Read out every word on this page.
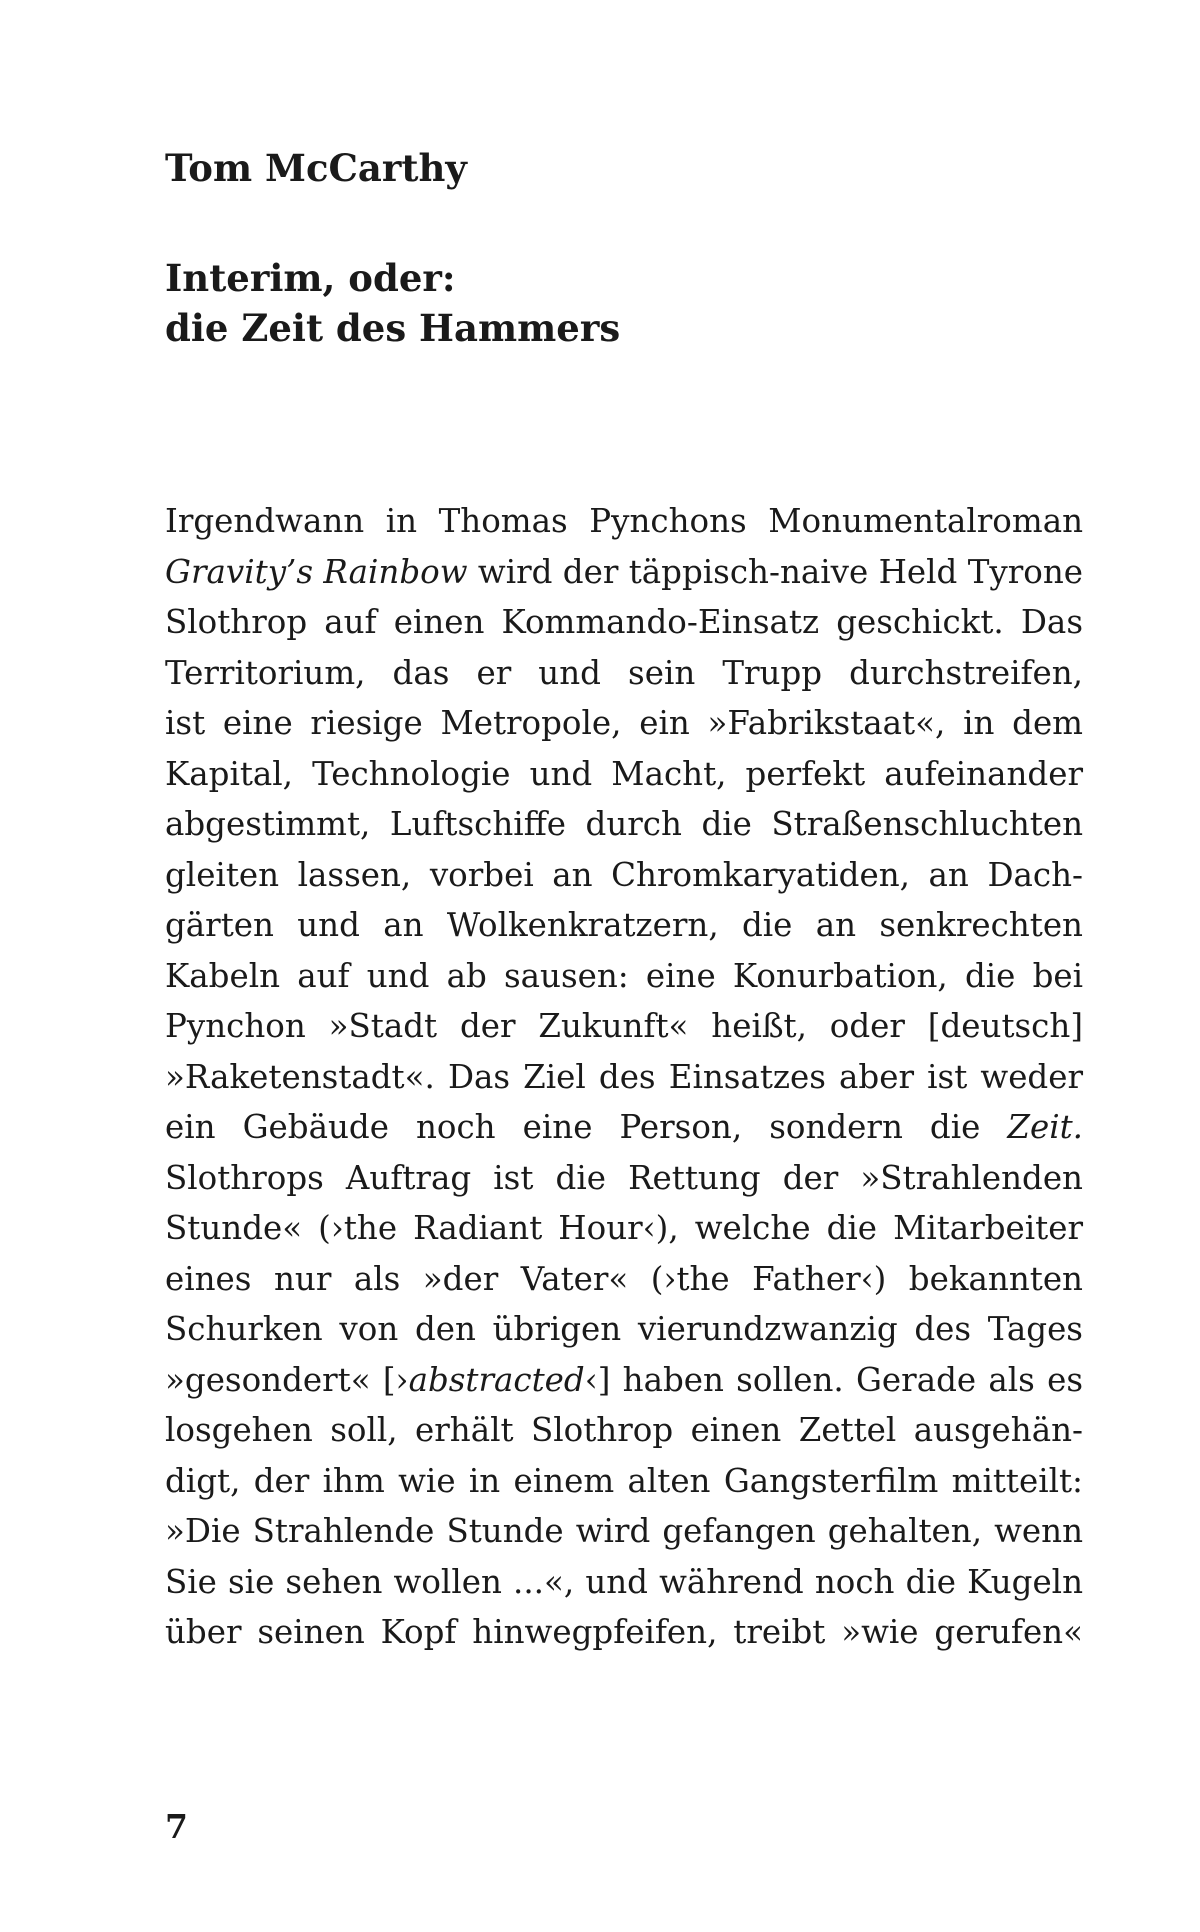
Tom McCarthy
Interim, oder:
die Zeit des Hammers
Irgendwann in Thomas Pynchons Monumentalroman
Gravity’s Rainbow wird der täppisch-naive Held Tyrone
Slothrop auf einen Kommando-Einsatz geschickt. Das
Territorium, das er und sein Trupp durchstreifen,
ist eine riesige Metropole, ein »Fabrikstaat«, in dem
Kapital, Technologie und Macht, perfekt aufeinander
abgestimmt, Luftschiffe durch die Straßenschluchten
gleiten lassen, vorbei an Chromkaryatiden, an Dach-
gärten und an Wolkenkratzern, die an senkrechten
Kabeln auf und ab sausen: eine Konurbation, die bei
Pynchon »Stadt der Zukunft« heißt, oder [deutsch]
»Raketenstadt«. Das Ziel des Einsatzes aber ist weder
ein Gebäude noch eine Person, sondern die Zeit.
Slothrops Auftrag ist die Rettung der »Strahlenden
Stunde« (›the Radiant Hour‹), welche die Mitarbeiter
eines nur als »der Vater« (›the Father‹) bekannten
Schurken von den übrigen vierundzwanzig des Tages
»gesondert« [›abstracted‹] haben sollen. Gerade als es
losgehen soll, erhält Slothrop einen Zettel ausgehän-
digt, der ihm wie in einem alten Gangsterfilm mitteilt:
»Die Strahlende Stunde wird gefangen gehalten, wenn
Sie sie sehen wollen ...«, und während noch die Kugeln
über seinen Kopf hinwegpfeifen, treibt »wie gerufen«
7
